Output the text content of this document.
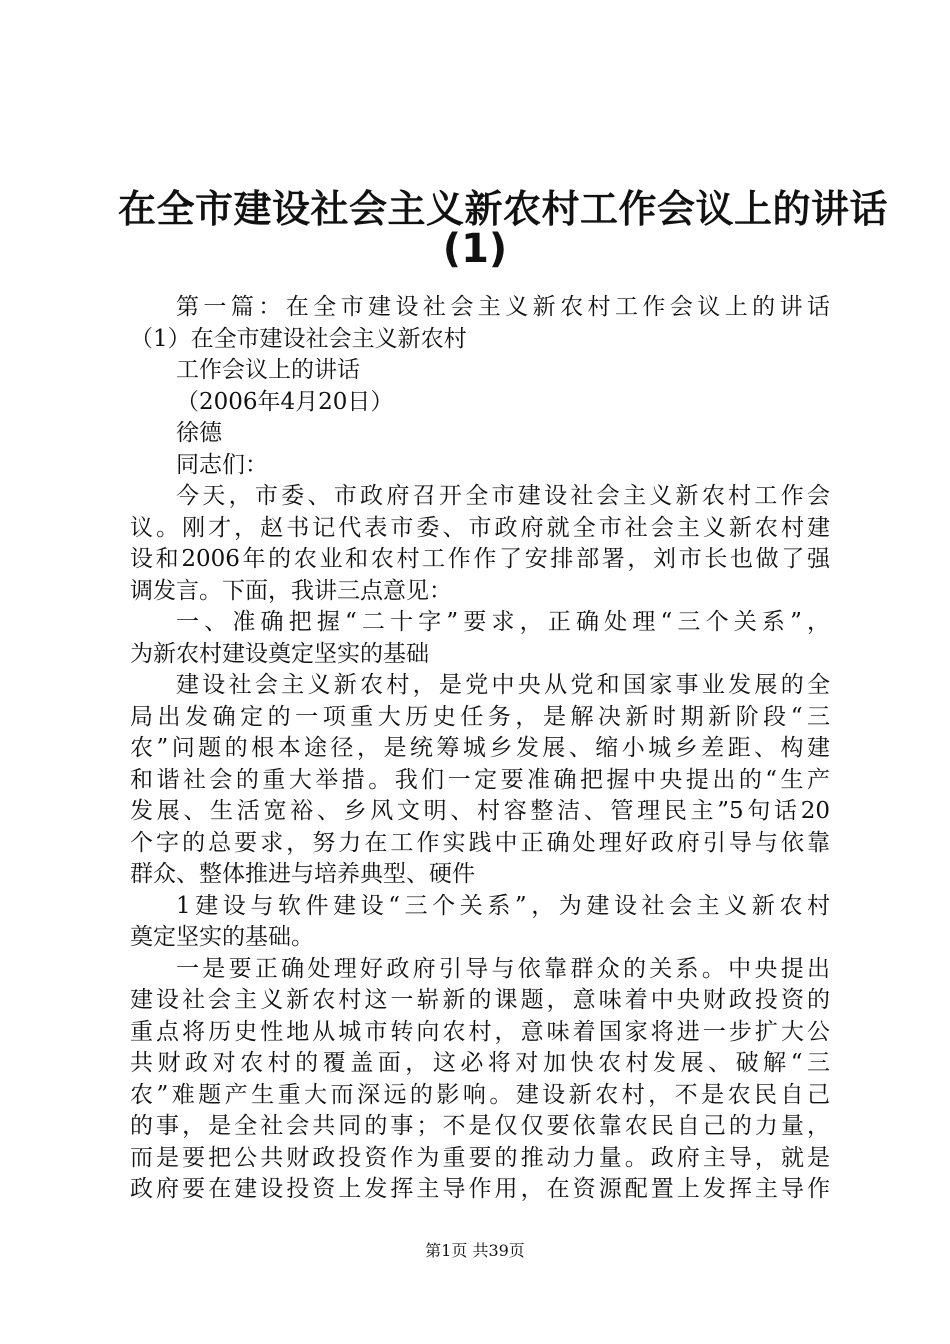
在全市建设社会主义新农村工作会议上的讲话
(1)
第一篇：在全市建设社会主义新农村工作会议上的讲话
（1）在全市建设社会主义新农村
工作会议上的讲话
（2006年4月20日）
徐德
同志们：
今天，市委、市政府召开全市建设社会主义新农村工作会
议。刚才，赵书记代表市委、市政府就全市社会主义新农村建
设和2006年的农业和农村工作作了安排部署，刘市长也做了强
调发言。下面，我讲三点意见：
一、准确把握“二十字”要求，正确处理“三个关系”，
为新农村建设奠定坚实的基础
建设社会主义新农村，是党中央从党和国家事业发展的全
局出发确定的一项重大历史任务，是解决新时期新阶段“三
农”问题的根本途径，是统筹城乡发展、缩小城乡差距、构建
和谐社会的重大举措。我们一定要准确把握中央提出的“生产
发展、生活宽裕、乡风文明、村容整洁、管理民主”5句话20
个字的总要求，努力在工作实践中正确处理好政府引导与依靠
群众、整体推进与培养典型、硬件
1建设与软件建设“三个关系”，为建设社会主义新农村
奠定坚实的基础。
一是要正确处理好政府引导与依靠群众的关系。中央提出
建设社会主义新农村这一崭新的课题，意味着中央财政投资的
重点将历史性地从城市转向农村，意味着国家将进一步扩大公
共财政对农村的覆盖面，这必将对加快农村发展、破解“三
农”难题产生重大而深远的影响。建设新农村，不是农民自己
的事，是全社会共同的事；不是仅仅要依靠农民自己的力量，
而是要把公共财政投资作为重要的推动力量。政府主导，就是
政府要在建设投资上发挥主导作用，在资源配置上发挥主导作
第1页 共39页
